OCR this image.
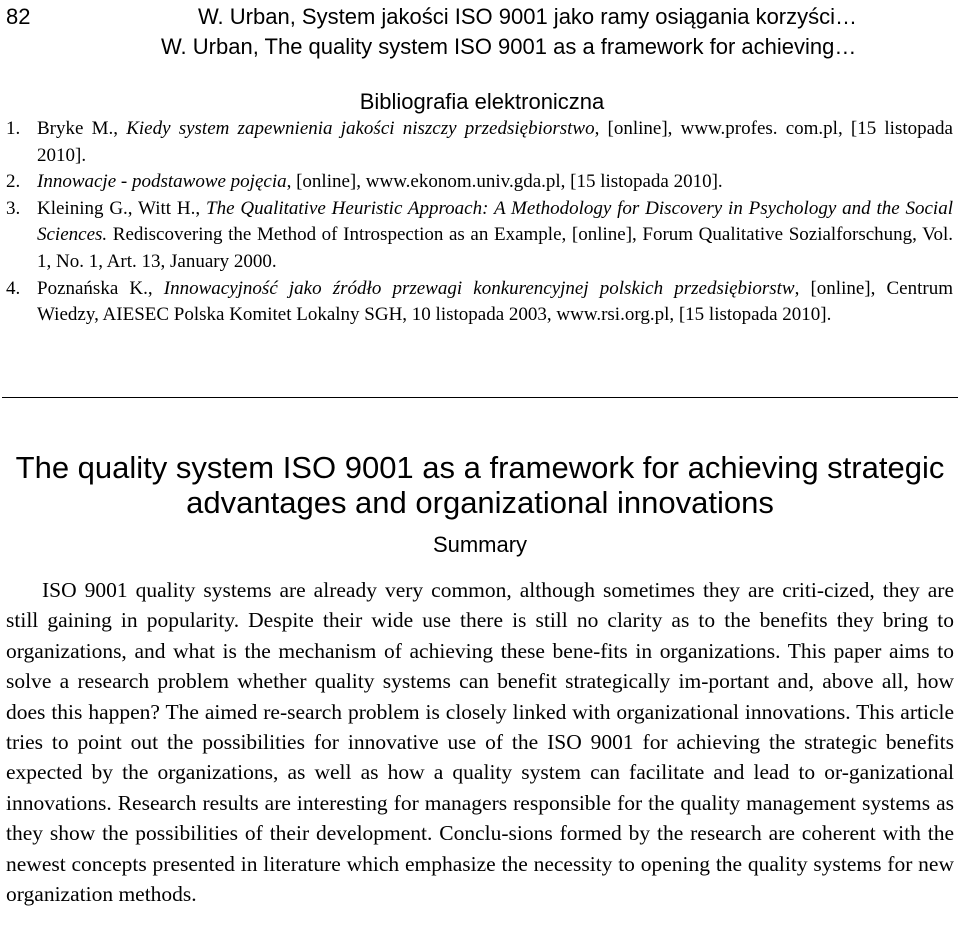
82	W. Urban, System jakości ISO 9001 jako ramy osiągania korzyści…
W. Urban, The quality system ISO 9001 as a framework for achieving…
Bibliografia elektroniczna
1. Bryke M., Kiedy system zapewnienia jakości niszczy przedsiębiorstwo, [online], www.profes. com.pl, [15 listopada 2010].
2. Innowacje - podstawowe pojęcia, [online], www.ekonom.univ.gda.pl, [15 listopada 2010].
3. Kleining G., Witt H., The Qualitative Heuristic Approach: A Methodology for Discovery in Psychology and the Social Sciences. Rediscovering the Method of Introspection as an Example, [online], Forum Qualitative Sozialforschung, Vol. 1, No. 1, Art. 13, January 2000.
4. Poznańska K., Innowacyjność jako źródło przewagi konkurencyjnej polskich przedsiębiorstw, [online], Centrum Wiedzy, AIESEC Polska Komitet Lokalny SGH, 10 listopada 2003, www.rsi.org.pl, [15 listopada 2010].
The quality system ISO 9001 as a framework for achieving strategic
advantages and organizational innovations
Summary

ISO 9001 quality systems are already very common, although sometimes they are criti-cized, they are still gaining in popularity. Despite their wide use there is still no clarity as to the benefits they bring to organizations, and what is the mechanism of achieving these bene-fits in organizations. This paper aims to solve a research problem whether quality systems can benefit strategically im-portant and, above all, how does this happen? The aimed re-search problem is closely linked with organizational innovations. This article tries to point out the possibilities for innovative use of the ISO 9001 for achieving the strategic benefits expected by the organizations, as well as how a quality system can facilitate and lead to or-ganizational innovations. Research results are interesting for managers responsible for the quality management systems as they show the possibilities of their development. Conclu-sions formed by the research are coherent with the newest concepts presented in literature which emphasize the necessity to opening the quality systems for new organization methods.
